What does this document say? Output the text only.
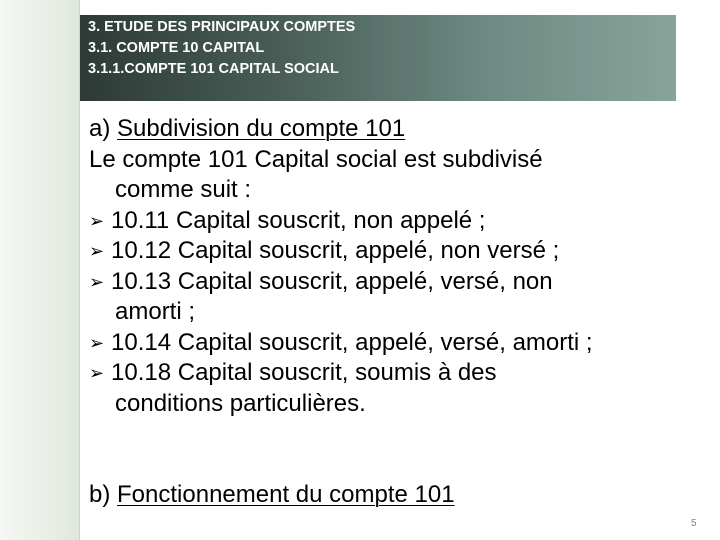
3. ETUDE DES PRINCIPAUX COMPTES
3.1. COMPTE 10 CAPITAL
3.1.1.COMPTE 101 CAPITAL SOCIAL
a) Subdivision du compte 101
Le compte 101 Capital social est subdivisé
comme suit :
➢ 10.11 Capital souscrit, non appelé ;
➢ 10.12 Capital souscrit, appelé, non versé ;
➢ 10.13 Capital souscrit, appelé, versé, non
amorti ;
➢ 10.14 Capital souscrit, appelé, versé, amorti ;
➢ 10.18 Capital souscrit, soumis à des
conditions particulières.
b) Fonctionnement du compte 101
5
